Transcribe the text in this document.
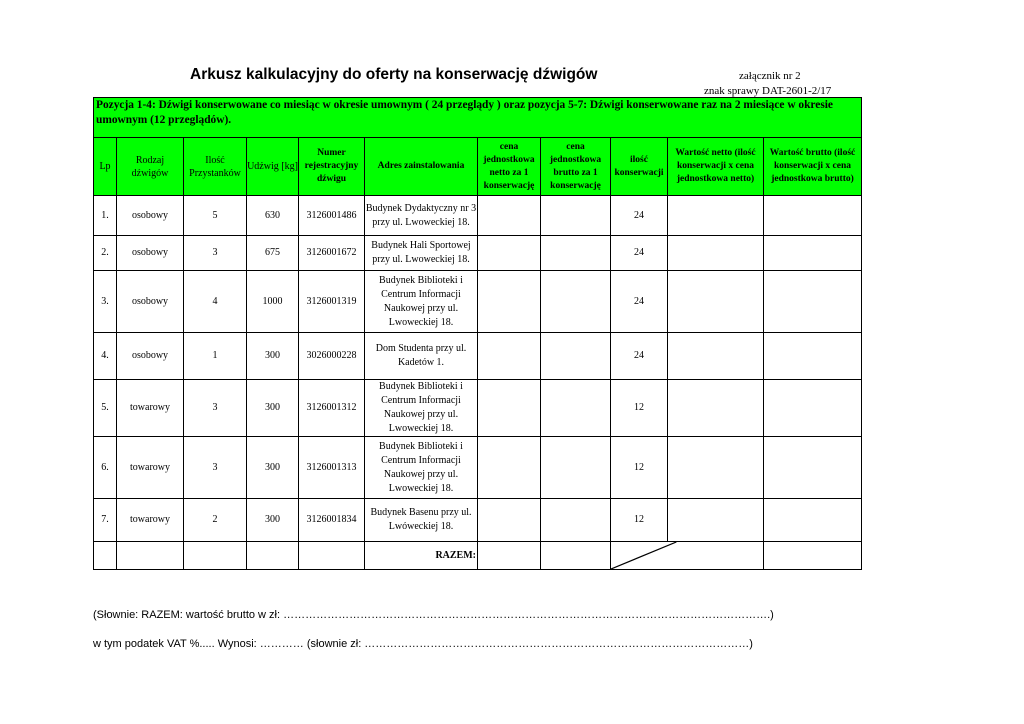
Arkusz kalkulacyjny do oferty na konserwację dźwigów	załącznik nr 2
znak sprawy DAT-2601-2/17
Pozycja 1-4: Dźwigi konserwowane co miesiąc w okresie umownym ( 24 przeglądy ) oraz pozycja 5-7: Dźwigi konserwowane raz na 2 miesiące w okresie umownym (12 przeglądów).										
Lp	Rodzaj dźwigów	Ilość Przystanków	Udźwig [kg]	Numer rejestracyjny dźwigu	Adres zainstalowania	cena jednostkowa netto za 1 konserwację	cena jednostkowa brutto za 1 konserwację	ilość konserwacji	Wartość netto (ilość konserwacji x cena jednostkowa netto)	Wartość brutto (ilość konserwacji x cena jednostkowa brutto)
1.	osobowy	5	630	3126001486	Budynek Dydaktyczny nr 3 przy ul. Lwoweckiej 18.			24		
2.	osobowy	3	675	3126001672	Budynek Hali Sportowej przy ul. Lwoweckiej 18.			24		
3.	osobowy	4	1000	3126001319	Budynek Biblioteki i Centrum Informacji Naukowej przy ul. Lwoweckiej 18.			24		
4.	osobowy	1	300	3026000228	Dom Studenta przy ul. Kadetów 1.			24		
5.	towarowy	3	300	3126001312	Budynek Biblioteki i Centrum Informacji Naukowej przy ul. Lwoweckiej 18.			12		
6.	towarowy	3	300	3126001313	Budynek Biblioteki i Centrum Informacji Naukowej przy ul. Lwoweckiej 18.			12		
7.	towarowy	2	300	3126001834	Budynek Basenu przy ul. Lwóweckiej 18.			12		
					RAZEM:			

(Słownie: RAZEM: wartość brutto w zł: …………………………………………………………………………………………………………………….)
w tym podatek VAT %..... Wynosi: ………… (słownie zł: ……………………………………………………………………………………………)
